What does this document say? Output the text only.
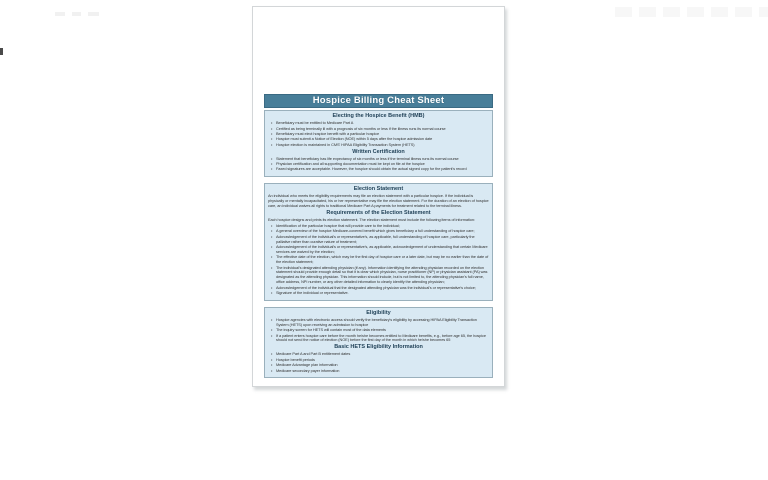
Hospice Billing Cheat Sheet
Electing the Hospice Benefit (HMB)
• Beneficiary must be entitled to Medicare Part A
• Certified as being terminally ill with a prognosis of six months or less if the illness runs its normal course
• Beneficiary must elect hospice benefit with a particular hospice
• Hospice must submit a Notice of Election (NOE) within 5 days after the hospice admission date
• Hospice election is maintained in CMS' HIPAA Eligibility Transaction System (HETS)
Written Certification
• Statement that beneficiary has life expectancy of six months or less if the terminal illness runs its normal course
• Physician certification and all supporting documentation must be kept on file at the hospice
• Faxed signatures are acceptable. However, the hospice should obtain the actual signed copy for the patient's record
Election Statement
An individual who meets the eligibility requirements may file an election statement with a particular hospice. If the individual is physically or mentally incapacitated, his or her representative may file the election statement. For the duration of an election of hospice care, an individual waives all rights to traditional Medicare Part A payments for treatment related to the terminal illness.
Requirements of the Election Statement
Each hospice designs and prints its election statement. The election statement must include the following items of information:
• Identification of the particular hospice that will provide care to the individual;
• A general overview of the hospice Medicare-covered benefit which gives beneficiary a full understanding of hospice care;
• Acknowledgement of the individual's or representative's, as applicable, full understanding of hospice care, particularly the palliative rather than curative nature of treatment;
• Acknowledgement of the individual's or representative's, as applicable, acknowledgement of understanding that certain Medicare services are waived by the election;
• The effective date of the election, which may be the first day of hospice care or a later date, but may be no earlier than the date of the election statement;
• The individual's designated attending physician (if any). Information identifying the attending physician recorded on the election statement should provide enough detail so that it is clear which physician, nurse practitioner (NP) or physician assistant (PA) was designated as the attending physician. This information should include, but is not limited to, the attending physician's full name, office address, NPI number, or any other detailed information to clearly identify the attending physician;
• Acknowledgement of the individual that the designated attending physician was the individual's or representative's choice;
• Signature of the individual or representative.
Eligibility
• Hospice agencies with electronic access should verify the beneficiary's eligibility by accessing HIPAA Eligibility Transaction System (HETS) upon receiving an admission to hospice
• The inquiry screen for HETS will contain most of the data elements
• If a patient enters hospice care before the month he/she becomes entitled to Medicare benefits, e.g., before age 65, the hospice should not send the notice of election (NOE) before the first day of the month in which he/she becomes 65
Basic HETS Eligibility Information
• Medicare Part A and Part B entitlement dates
• Hospice benefit periods
• Medicare Advantage plan information
• Medicare secondary payer information
